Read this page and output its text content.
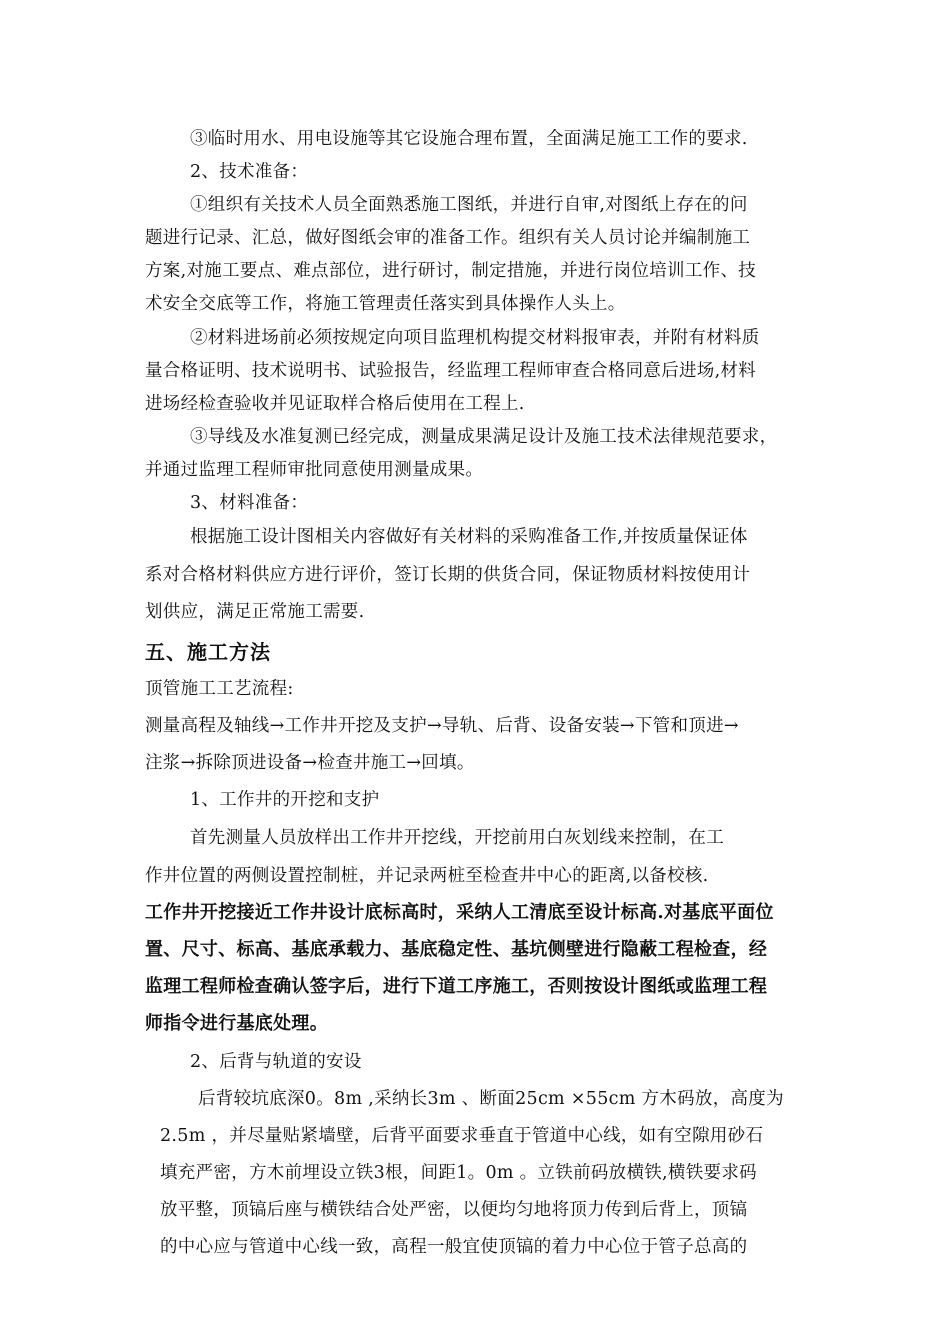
③临时用水、用电设施等其它设施合理布置，全面满足施工工作的要求.
2、技术准备：
①组织有关技术人员全面熟悉施工图纸，并进行自审,对图纸上存在的问
题进行记录、汇总，做好图纸会审的准备工作。组织有关人员讨论并编制施工
方案,对施工要点、难点部位，进行研讨，制定措施，并进行岗位培训工作、技
术安全交底等工作，将施工管理责任落实到具体操作人头上。
②材料进场前必须按规定向项目监理机构提交材料报审表，并附有材料质
量合格证明、技术说明书、试验报告，经监理工程师审查合格同意后进场,材料
进场经检查验收并见证取样合格后使用在工程上.
③导线及水准复测已经完成，测量成果满足设计及施工技术法律规范要求，
并通过监理工程师审批同意使用测量成果。
3、材料准备：
根据施工设计图相关内容做好有关材料的采购准备工作,并按质量保证体
系对合格材料供应方进行评价，签订长期的供货合同，保证物质材料按使用计
划供应，满足正常施工需要.
五、施工方法
顶管施工工艺流程:
测量高程及轴线→工作井开挖及支护→导轨、后背、设备安装→下管和顶进→
注浆→拆除顶进设备→检查井施工→回填。
1、工作井的开挖和支护
首先测量人员放样出工作井开挖线，开挖前用白灰划线来控制，在工
作井位置的两侧设置控制桩，并记录两桩至检查井中心的距离,以备校核.
工作井开挖接近工作井设计底标高时，采纳人工清底至设计标高.对基底平面位
置、尺寸、标高、基底承载力、基底稳定性、基坑侧壁进行隐蔽工程检查，经
监理工程师检查确认签字后，进行下道工序施工，否则按设计图纸或监理工程
师指令进行基底处理。
2、后背与轨道的安设
后背较坑底深0。8m ,采纳长3m 、断面25cm ×55cm 方木码放，高度为
2.5m ，并尽量贴紧墙壁，后背平面要求垂直于管道中心线，如有空隙用砂石
填充严密，方木前埋设立铁3根，间距1。0m 。立铁前码放横铁,横铁要求码
放平整，顶镐后座与横铁结合处严密，以便均匀地将顶力传到后背上，顶镐
的中心应与管道中心线一致，高程一般宜使顶镐的着力中心位于管子总高的
